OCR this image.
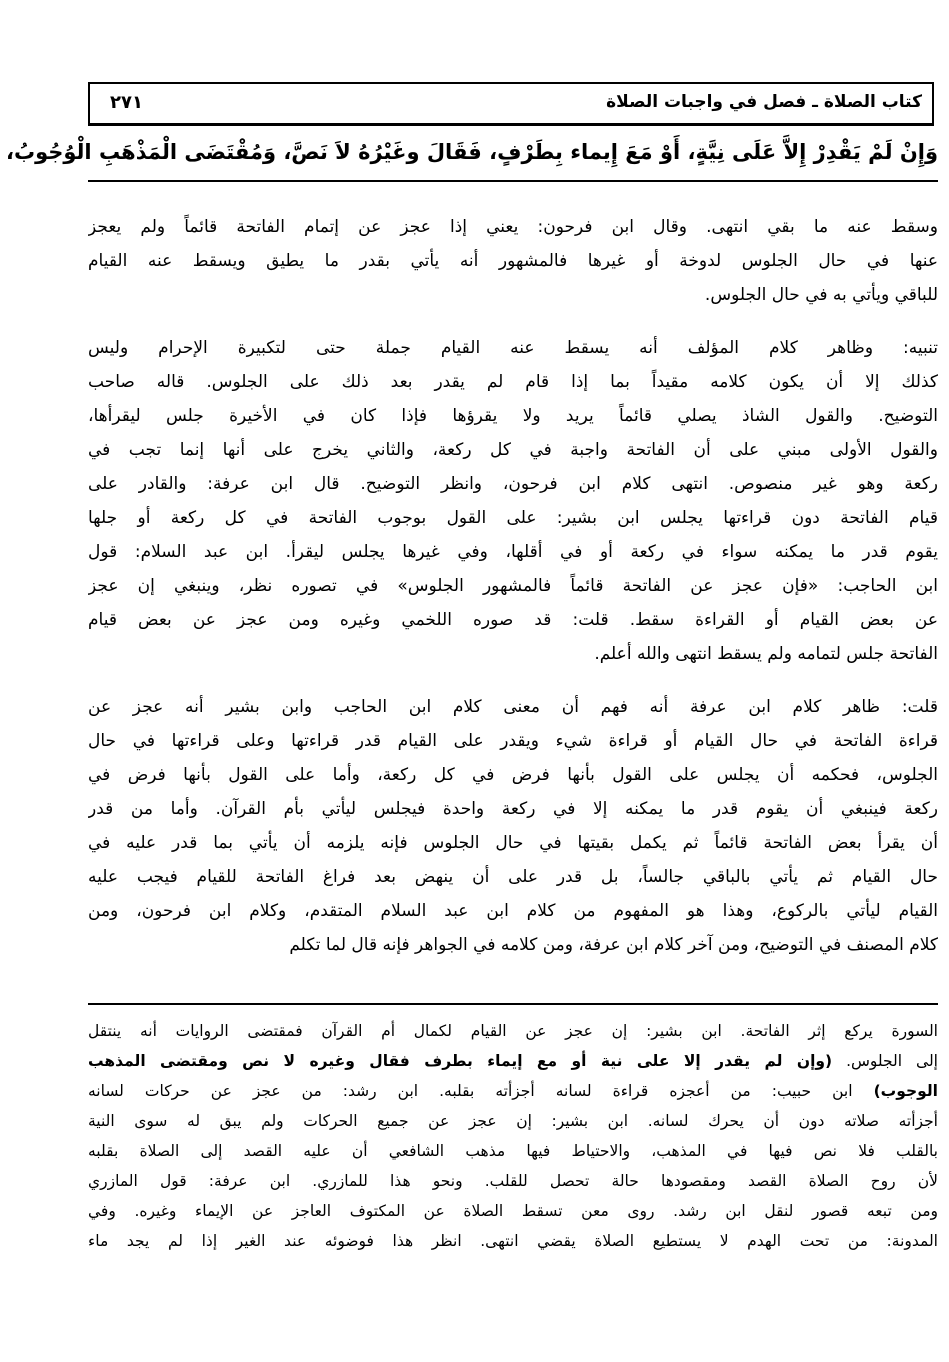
كتاب الصلاة ـ فصل في واجبات الصلاة
٢٧١
وَإِنْ لَمْ يَقْدِرْ إِلاَّ عَلَى نِيَّةٍ، أَوْ مَعَ إِيماء بِطَرْفٍ، فَقَالَ وغَيْرُهُ لاَ نَصَّ، وَمُقْتَضَى الْمَذْهَبِ الْوُجُوبُ،
وسقط عنه ما بقي انتهى. وقال ابن فرحون: يعني إذا عجز عن إتمام الفاتحة قائماً ولم يعجز
عنها في حال الجلوس لدوخة أو غيرها فالمشهور أنه يأتي بقدر ما يطيق ويسقط عنه القيام
للباقي ويأتي به في حال الجلوس.
تنبيه: وظاهر كلام المؤلف أنه يسقط عنه القيام جملة حتى لتكبيرة الإحرام وليس
كذلك إلا أن يكون كلامه مقيداً بما إذا قام لم يقدر بعد ذلك على الجلوس. قاله صاحب
التوضيح. والقول الشاذ يصلي قائماً يريد ولا يقرؤها فإذا كان في الأخيرة جلس ليقرأها،
والقول الأولى مبني على أن الفاتحة واجبة في كل ركعة، والثاني يخرج على أنها إنما تجب في
ركعة وهو غير منصوص. انتهى كلام ابن فرحون، وانظر التوضيح. قال ابن عرفة: والقادر على
قيام الفاتحة دون قراءتها يجلس ابن بشير: على القول بوجوب الفاتحة في كل ركعة أو جلها
يقوم قدر ما يمكنه سواء في ركعة أو في أقلها، وفي غيرها يجلس ليقرأ. ابن عبد السلام: قول
ابن الحاجب: «فإن عجز عن الفاتحة قائماً فالمشهور الجلوس» في تصوره نظر، وينبغي إن عجز
عن بعض القيام أو القراءة سقط. قلت: قد صوره اللخمي وغيره ومن عجز عن بعض قيام
الفاتحة جلس لتمامه ولم يسقط انتهى والله أعلم.
قلت: ظاهر كلام ابن عرفة أنه فهم أن معنى كلام ابن الحاجب وابن بشير أنه عجز عن
قراءة الفاتحة في حال القيام أو قراءة شيء ويقدر على القيام قدر قراءتها وعلى قراءتها في حال
الجلوس، فحكمه أن يجلس على القول بأنها فرض في كل ركعة، وأما على القول بأنها فرض في
ركعة فينبغي أن يقوم قدر ما يمكنه إلا في ركعة واحدة فيجلس ليأتي بأم القرآن. وأما من قدر
أن يقرأ بعض الفاتحة قائماً ثم يكمل بقيتها في حال الجلوس فإنه يلزمه أن يأتي بما قدر عليه في
حال القيام ثم يأتي بالباقي جالساً، بل قدر على أن ينهض بعد فراغ الفاتحة للقيام فيجب عليه
القيام ليأتي بالركوع، وهذا هو المفهوم من كلام ابن عبد السلام المتقدم، وكلام ابن فرحون، ومن
كلام المصنف في التوضيح، ومن آخر كلام ابن عرفة، ومن كلامه في الجواهر فإنه قال لما تكلم
السورة يركع إثر الفاتحة. ابن بشير: إن عجز عن القيام لكمال أم القرآن فمقتضى الروايات أنه ينتقل
إلى الجلوس. (وإن لم يقدر إلا على نية أو مع إيماء بطرف فقال وغيره لا نص ومقتضى المذهب
الوجوب) ابن حبيب: من أعجزه قراءة لسانه أجزأته بقلبه. ابن رشد: من عجز عن حركات لسانه
أجزأته صلاته دون أن يحرك لسانه. ابن بشير: إن عجز عن جميع الحركات ولم يبق له سوى النية
بالقلب فلا نص فيها في المذهب، والاحتياط فيها مذهب الشافعي أن عليه القصد إلى الصلاة بقلبه
لأن روح الصلاة القصد ومقصودها حالة تحصل للقلب. ونحو هذا للمازري. ابن عرفة: قول المازري
ومن تبعه قصور لنقل ابن رشد. روى معن تسقط الصلاة عن المكتوف العاجز عن الإيماء وغيره. وفي
المدونة: من تحت الهدم لا يستطيع الصلاة يقضي انتهى. انظر هذا فوضوئه عند الغير إذا لم يجد ماء
